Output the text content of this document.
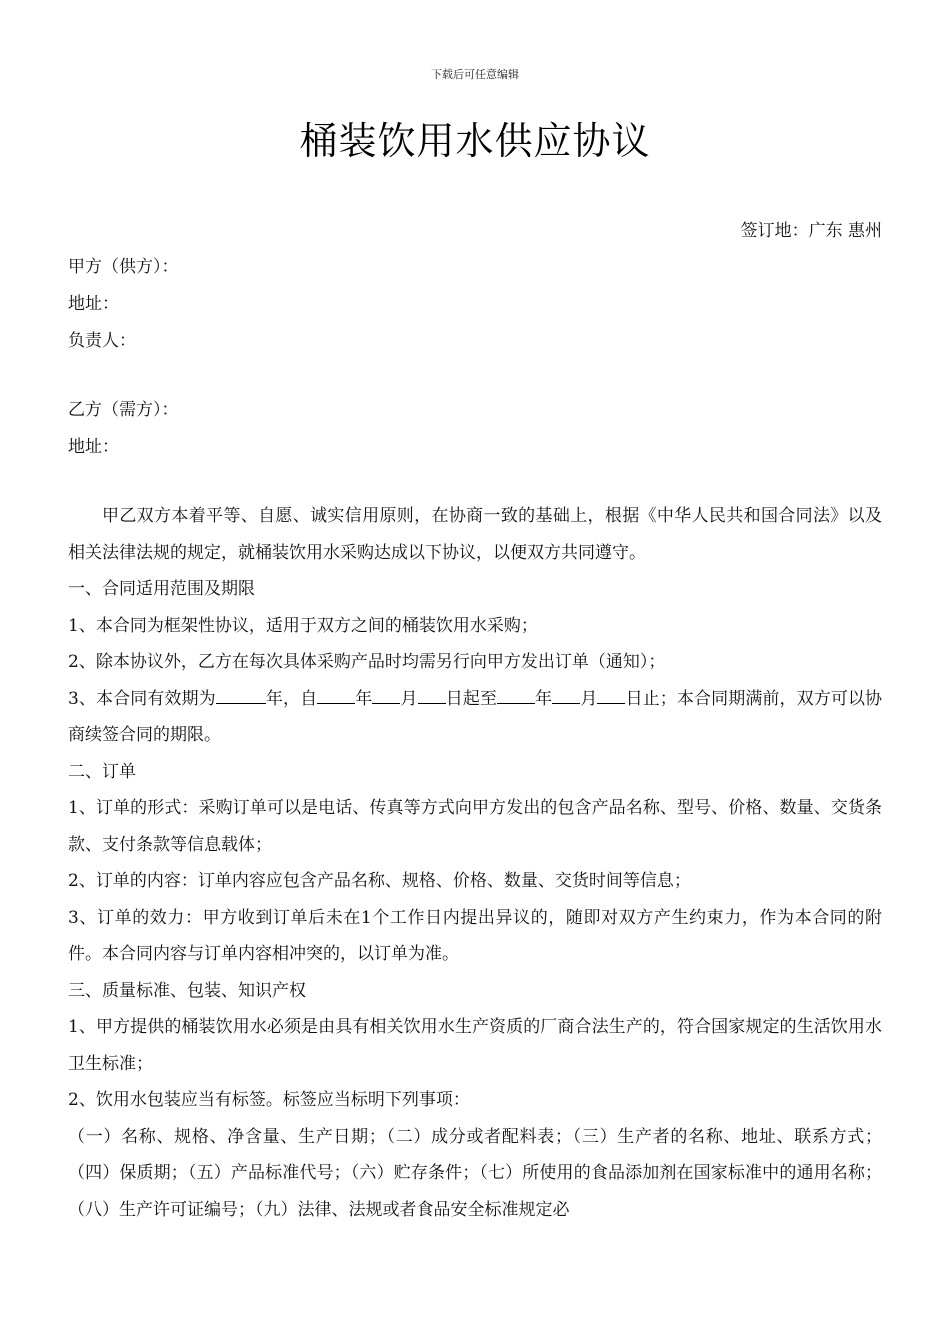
下载后可任意编辑
桶装饮用水供应协议
签订地：广东 惠州
甲方（供方）：
地址：
负责人：
乙方（需方）：
地址：

甲乙双方本着平等、自愿、诚实信用原则，在协商一致的基础上，根据《中华人民共和国合同法》以及相关法律法规的规定，就桶装饮用水采购达成以下协议，以便双方共同遵守。

一、合同适用范围及期限

1、本合同为框架性协议，适用于双方之间的桶装饮用水采购；

2、除本协议外，乙方在每次具体采购产品时均需另行向甲方发出订单（通知）；

3、本合同有效期为	年，自 年 月 日起至 年 月 日止；本合同期满前，双方可以协商续签合同的期限。

二、订单

1、订单的形式：采购订单可以是电话、传真等方式向甲方发出的包含产品名称、型号、价格、数量、交货条款、支付条款等信息载体；

2、订单的内容：订单内容应包含产品名称、规格、价格、数量、交货时间等信息；

3、订单的效力：甲方收到订单后未在1个工作日内提出异议的，随即对双方产生约束力，作为本合同的附件。本合同内容与订单内容相冲突的，以订单为准。

三、质量标准、包装、知识产权

1、甲方提供的桶装饮用水必须是由具有相关饮用水生产资质的厂商合法生产的，符合国家规定的生活饮用水卫生标准；

2、饮用水包装应当有标签。标签应当标明下列事项：

（一）名称、规格、净含量、生产日期；（二）成分或者配料表；（三）生产者的名称、地址、联系方式；（四）保质期；（五）产品标准代号；（六）贮存条件；（七）所使用的食品添加剂在国家标准中的通用名称；（八）生产许可证编号；（九）法律、法规或者食品安全标准规定必
